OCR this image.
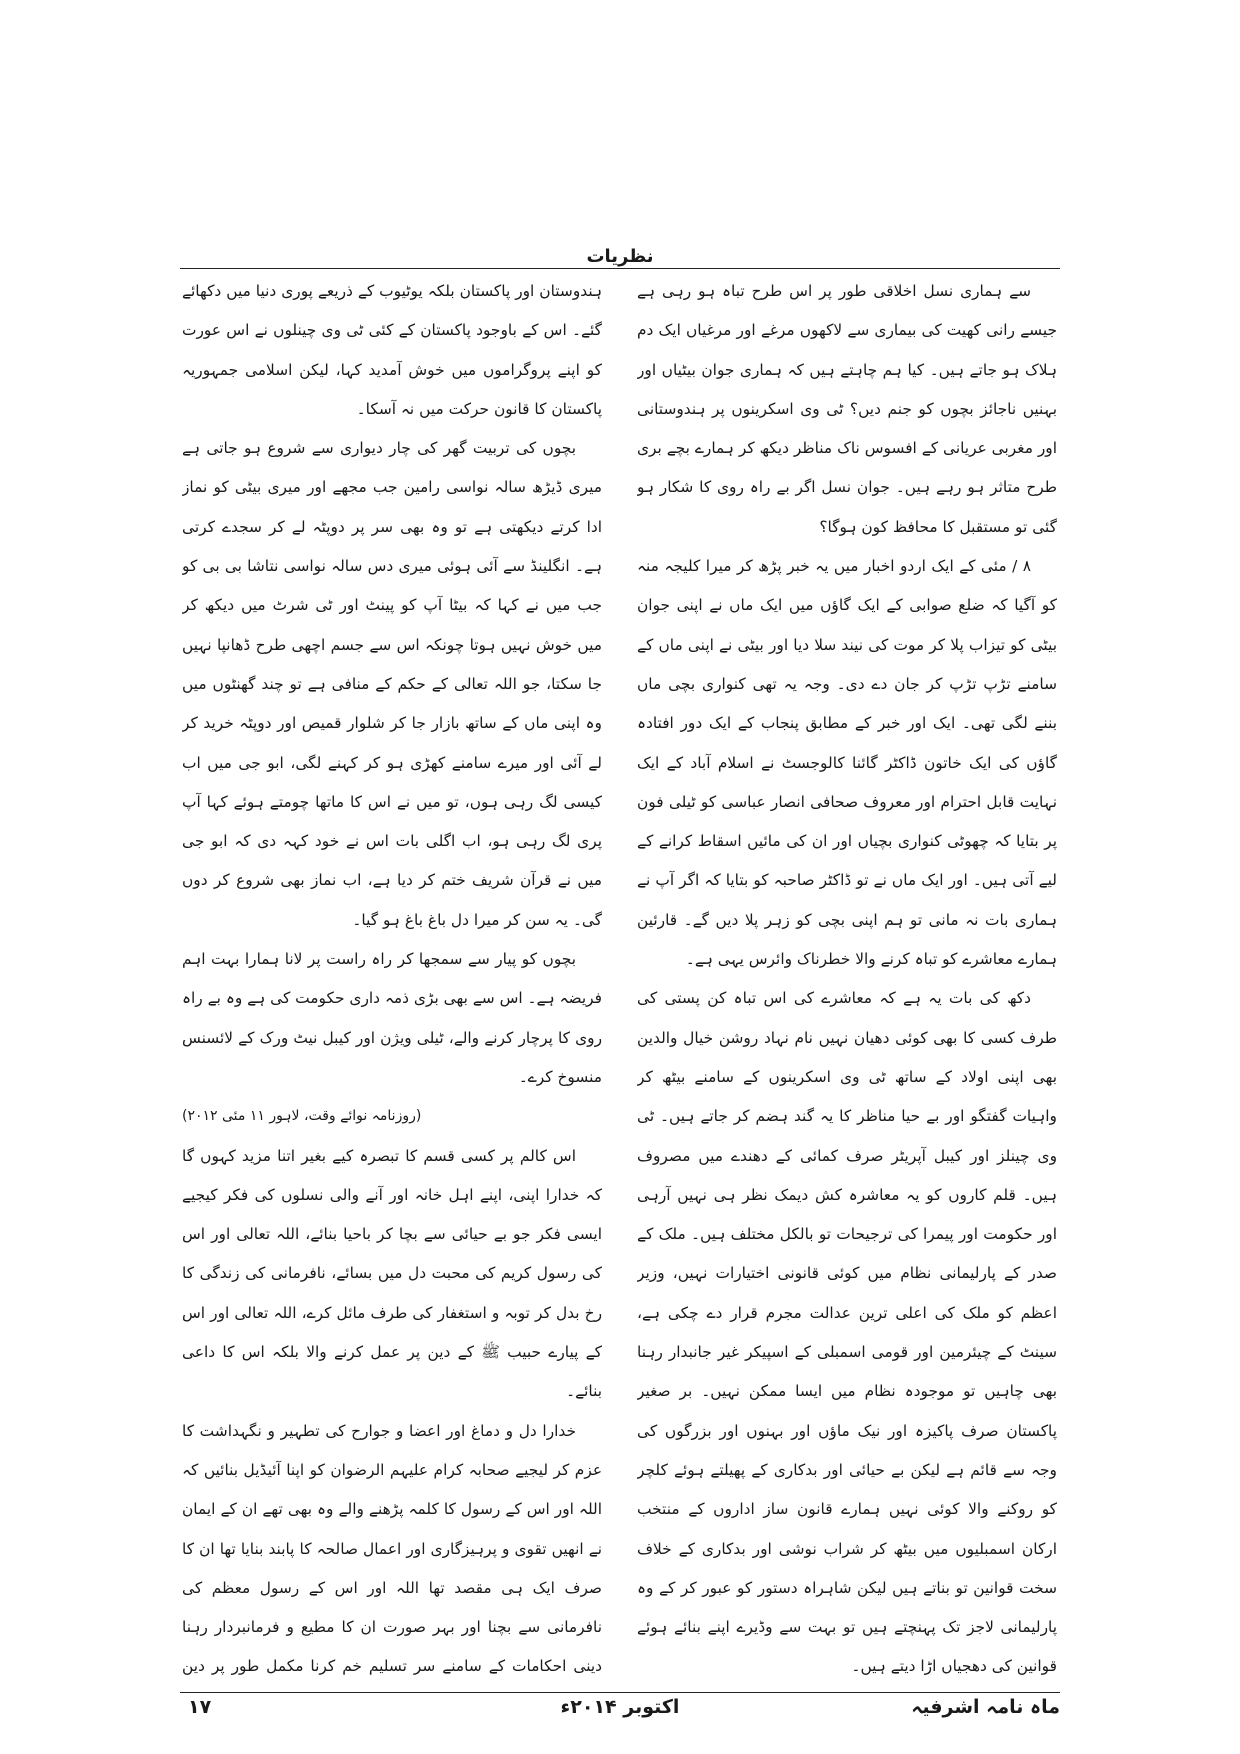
نظریات

سے ہماری نسل اخلاقی طور پر اس طرح تباہ ہو رہی ہے جیسے رانی کھیت کی بیماری سے لاکھوں مرغے اور مرغیاں ایک دم ہلاک ہو جاتے ہیں۔ کیا ہم چاہتے ہیں کہ ہماری جوان بیٹیاں اور بہنیں ناجائز بچوں کو جنم دیں؟ ٹی وی اسکرینوں پر ہندوستانی اور مغربی عریانی کے افسوس ناک مناظر دیکھ کر ہمارے بچے بری طرح متاثر ہو رہے ہیں۔ جوان نسل اگر بے راہ روی کا شکار ہو گئی تو مستقبل کا محافظ کون ہوگا؟

۸ / مئی کے ایک اردو اخبار میں یہ خبر پڑھ کر میرا کلیجہ منہ کو آگیا کہ ضلع صوابی کے ایک گاؤں میں ایک ماں نے اپنی جوان بیٹی کو تیزاب پلا کر موت کی نیند سلا دیا اور بیٹی نے اپنی ماں کے سامنے تڑپ تڑپ کر جان دے دی۔ وجہ یہ تھی کنواری بچی ماں بننے لگی تھی۔ ایک اور خبر کے مطابق پنجاب کے ایک دور افتادہ گاؤں کی ایک خاتون ڈاکٹر گائنا کالوجسٹ نے اسلام آباد کے ایک نہایت قابل احترام اور معروف صحافی انصار عباسی کو ٹیلی فون پر بتایا کہ چھوٹی کنواری بچیاں اور ان کی مائیں اسقاط کرانے کے لیے آتی ہیں۔ اور ایک ماں نے تو ڈاکٹر صاحبہ کو بتایا کہ اگر آپ نے ہماری بات نہ مانی تو ہم اپنی بچی کو زہر پلا دیں گے۔ قارئین ہمارے معاشرے کو تباہ کرنے والا خطرناک وائرس یہی ہے۔

دکھ کی بات یہ ہے کہ معاشرے کی اس تباہ کن پستی کی طرف کسی کا بھی کوئی دھیان نہیں نام نہاد روشن خیال والدین بھی اپنی اولاد کے ساتھ ٹی وی اسکرینوں کے سامنے بیٹھ کر واہیات گفتگو اور بے حیا مناظر کا یہ گند ہضم کر جاتے ہیں۔ ٹی وی چینلز اور کیبل آپریٹر صرف کمائی کے دھندے میں مصروف ہیں۔ قلم کاروں کو یہ معاشرہ کش دیمک نظر ہی نہیں آرہی اور حکومت اور پیمرا کی ترجیحات تو بالکل مختلف ہیں۔ ملک کے صدر کے پارلیمانی نظام میں کوئی قانونی اختیارات نہیں، وزیر اعظم کو ملک کی اعلی ترین عدالت مجرم قرار دے چکی ہے، سینٹ کے چیئرمین اور قومی اسمبلی کے اسپیکر غیر جانبدار رہنا بھی چاہیں تو موجودہ نظام میں ایسا ممکن نہیں۔ بر صغیر پاکستان صرف پاکیزہ اور نیک ماؤں اور بہنوں اور بزرگوں کی وجہ سے قائم ہے لیکن بے حیائی اور بدکاری کے پھیلتے ہوئے کلچر کو روکنے والا کوئی نہیں ہمارے قانون ساز اداروں کے منتخب ارکان اسمبلیوں میں بیٹھ کر شراب نوشی اور بدکاری کے خلاف سخت قوانین تو بناتے ہیں لیکن شاہراہ دستور کو عبور کر کے وہ پارلیمانی لاجز تک پہنچتے ہیں تو بہت سے وڈیرے اپنے بنائے ہوئے قوانین کی دھجیاں اڑا دیتے ہیں۔

ہندوستان اور پاکستان بلکہ یوٹیوب کے ذریعے پوری دنیا میں دکھائے گئے۔ اس کے باوجود پاکستان کے کئی ٹی وی چینلوں نے اس عورت کو اپنے پروگراموں میں خوش آمدید کہا، لیکن اسلامی جمہوریہ پاکستان کا قانون حرکت میں نہ آسکا۔

بچوں کی تربیت گھر کی چار دیواری سے شروع ہو جاتی ہے میری ڈیڑھ سالہ نواسی رامین جب مجھے اور میری بیٹی کو نماز ادا کرتے دیکھتی ہے تو وہ بھی سر پر دوپٹہ لے کر سجدے کرتی ہے۔ انگلینڈ سے آئی ہوئی میری دس سالہ نواسی نتاشا بی بی کو جب میں نے کہا کہ بیٹا آپ کو پینٹ اور ٹی شرٹ میں دیکھ کر میں خوش نہیں ہوتا چونکہ اس سے جسم اچھی طرح ڈھانپا نہیں جا سکتا، جو اللہ تعالی کے حکم کے منافی ہے تو چند گھنٹوں میں وہ اپنی ماں کے ساتھ بازار جا کر شلوار قمیص اور دوپٹہ خرید کر لے آئی اور میرے سامنے کھڑی ہو کر کہنے لگی، ابو جی میں اب کیسی لگ رہی ہوں، تو میں نے اس کا ماتھا چومتے ہوئے کہا آپ پری لگ رہی ہو، اب اگلی بات اس نے خود کہہ دی کہ ابو جی میں نے قرآن شریف ختم کر دیا ہے، اب نماز بھی شروع کر دوں گی۔ یہ سن کر میرا دل باغ باغ ہو گیا۔

بچوں کو پیار سے سمجھا کر راہ راست پر لانا ہمارا بہت اہم فریضہ ہے۔ اس سے بھی بڑی ذمہ داری حکومت کی ہے وہ بے راہ روی کا پرچار کرنے والے، ٹیلی ویژن اور کیبل نیٹ ورک کے لائسنس منسوخ کرے۔

(روزنامہ نوائے وقت، لاہور ۱۱ مئی ۲۰۱۲)

اس کالم پر کسی قسم کا تبصرہ کیے بغیر اتنا مزید کہوں گا کہ خدارا اپنی، اپنے اہل خانہ اور آنے والی نسلوں کی فکر کیجیے ایسی فکر جو بے حیائی سے بچا کر باحیا بنائے، اللہ تعالی اور اس کی رسول کریم کی محبت دل میں بسائے، نافرمانی کی زندگی کا رخ بدل کر توبہ و استغفار کی طرف مائل کرے، اللہ تعالی اور اس کے پیارے حبیب ﷺ کے دین پر عمل کرنے والا بلکہ اس کا داعی بنائے۔

خدارا دل و دماغ اور اعضا و جوارح کی تطہیر و نگہداشت کا عزم کر لیجیے صحابہ کرام علیہم الرضوان کو اپنا آئیڈیل بنائیں کہ اللہ اور اس کے رسول کا کلمہ پڑھنے والے وہ بھی تھے ان کے ایمان نے انھیں تقوی و پرہیزگاری اور اعمال صالحہ کا پابند بنایا تھا ان کا صرف ایک ہی مقصد تھا اللہ اور اس کے رسول معظم کی نافرمانی سے بچنا اور بہر صورت ان کا مطیع و فرمانبردار رہنا دینی احکامات کے سامنے سر تسلیم خم کرنا مکمل طور پر دین

ماہ نامہ اشرفیہ
اکتوبر ۲۰۱۴ء
۱۷
